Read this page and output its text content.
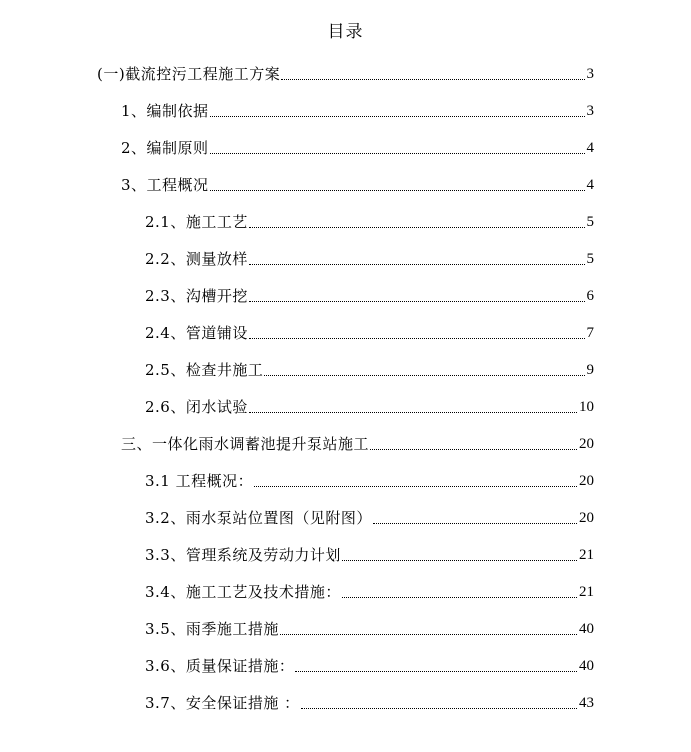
目录
(一)截流控污工程施工方案	3
1、编制依据	3
2、编制原则	4
3、工程概况	4
2.1、施工工艺	5
2.2、测量放样	5
2.3、沟槽开挖	6
2.4、管道铺设	7
2.5、检查井施工	9
2.6、闭水试验	10
三、一体化雨水调蓄池提升泵站施工	20
3.1 工程概况：	20
3.2、雨水泵站位置图（见附图）	20
3.3、管理系统及劳动力计划	21
3.4、施工工艺及技术措施：	21
3.5、雨季施工措施	40
3.6、质量保证措施：	40
3.7、安全保证措施 ：	43
